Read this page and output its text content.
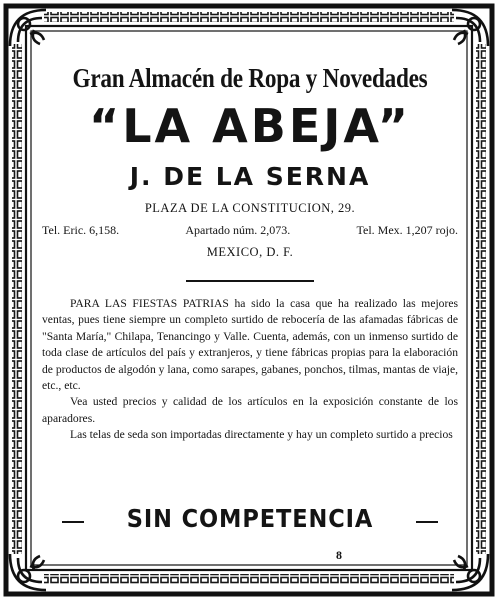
Gran Almacén de Ropa y Novedades
“LA ABEJA”
J. DE LA SERNA
PLAZA DE LA CONSTITUCION, 29.
Tel. Eric. 6,158.	Apartado núm. 2,073.	Tel. Mex. 1,207 rojo.
MEXICO, D. F.

PARA LAS FIESTAS PATRIAS ha sido la casa que ha realizado las mejores ventas, pues tiene siempre un completo surtido de rebocería de las afamadas fábricas de "Santa María," Chilapa, Tenancingo y Valle. Cuenta, además, con un inmenso surtido de toda clase de artículos del país y extranjeros, y tiene fábricas propias para la elaboración de productos de algodón y lana, como sarapes, gabanes, ponchos, tilmas, mantas de viaje, etc., etc.

Vea usted precios y calidad de los artículos en la exposición constante de los aparadores.

Las telas de seda son importadas directamente y hay un completo surtido a precios

SIN COMPETENCIA
8
